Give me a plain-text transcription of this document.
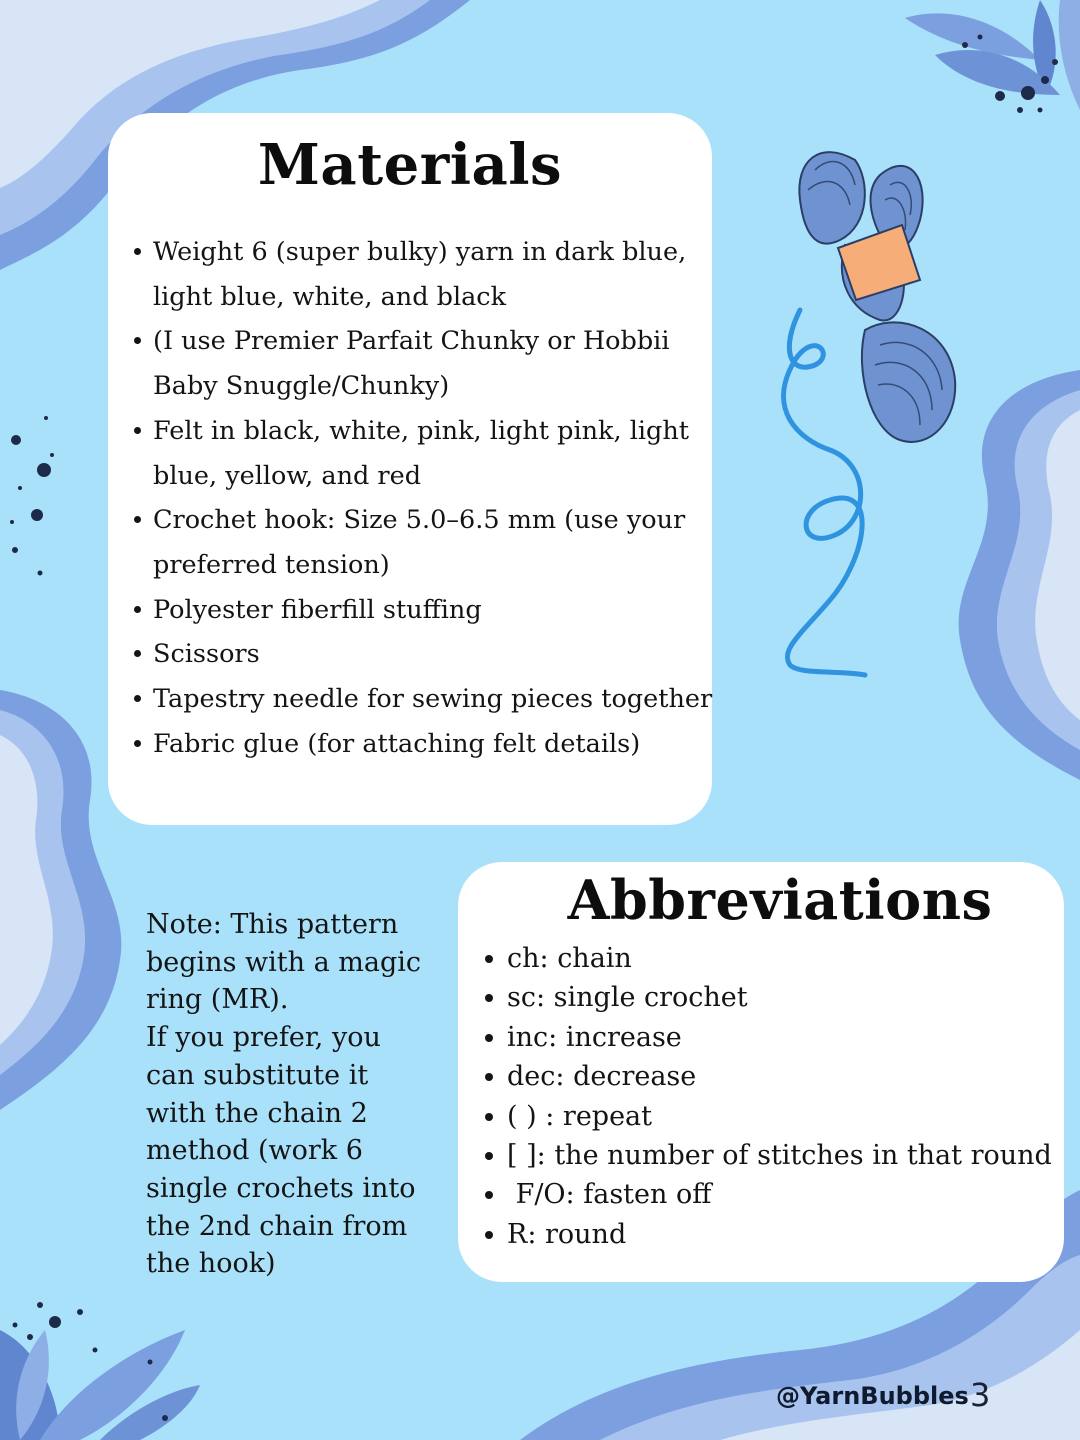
Materials
Weight 6 (super bulky) yarn in dark blue,
light blue, white, and black
(I use Premier Parfait Chunky or Hobbii
Baby Snuggle/Chunky)
Felt in black, white, pink, light pink, light
blue, yellow, and red
Crochet hook: Size 5.0–6.5 mm (use your
preferred tension)
Polyester fiberfill stuffing
Scissors
Tapestry needle for sewing pieces together
Fabric glue (for attaching felt details)

Note: This pattern
begins with a magic
ring (MR).
If you prefer, you
can substitute it
with the chain 2
method (work 6
single crochets into
the 2nd chain from
the hook)

Abbreviations
ch: chain
sc: single crochet
inc: increase
dec: decrease
( ) : repeat
[ ]: the number of stitches in that round
F/O: fasten off
R: round
@YarnBubbles 3
